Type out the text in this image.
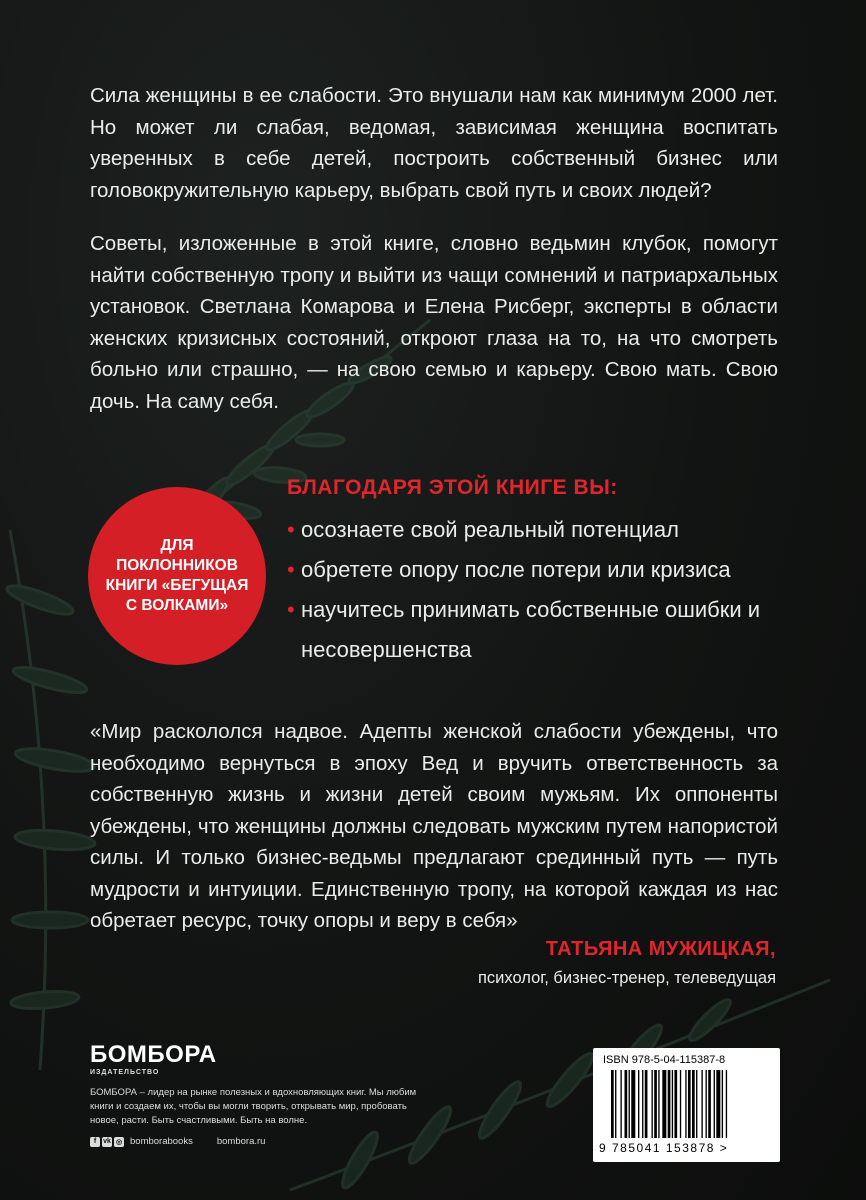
Сила женщины в ее слабости. Это внушали нам как минимум 2000 лет. Но может ли слабая, ведомая, зависимая женщина воспитать уверенных в себе детей, построить собственный бизнес или головокружительную карьеру, выбрать свой путь и своих людей?
Советы, изложенные в этой книге, словно ведьмин клубок, помогут найти собственную тропу и выйти из чащи сомнений и патриархальных установок. Светлана Комарова и Елена Рисберг, эксперты в области женских кризисных состояний, откроют глаза на то, на что смотреть больно или страшно, — на свою семью и карьеру. Свою мать. Свою дочь. На саму себя.
ДЛЯ
ПОКЛОННИКОВ
КНИГИ «БЕГУЩАЯ
С ВОЛКАМИ»
БЛАГОДАРЯ ЭТОЙ КНИГЕ ВЫ:
• осознаете свой реальный потенциал
• обретете опору после потери или кризиса
• научитесь принимать собственные ошибки и несовершенства
«Мир раскололся надвое. Адепты женской слабости убеждены, что необходимо вернуться в эпоху Вед и вручить ответственность за собственную жизнь и жизни детей своим мужьям. Их оппоненты убеждены, что женщины должны следовать мужским путем напористой силы. И только бизнес-ведьмы предлагают срединный путь — путь мудрости и интуиции. Единственную тропу, на которой каждая из нас обретает ресурс, точку опоры и веру в себя»
ТАТЬЯНА МУЖИЦКАЯ,
психолог, бизнес-тренер, телеведущая
БОМБОРА
ИЗДАТЕЛЬСТВО
БОМБОРА – лидер на рынке полезных и вдохновляющих книг. Мы любим книги и создаем их, чтобы вы могли творить, открывать мир, пробовать новое, расти. Быть счастливыми. Быть на волне.
f vk ◎ bomborabooks	bombora.ru
ISBN 978-5-04-115387-8
9 785041 153878 >
